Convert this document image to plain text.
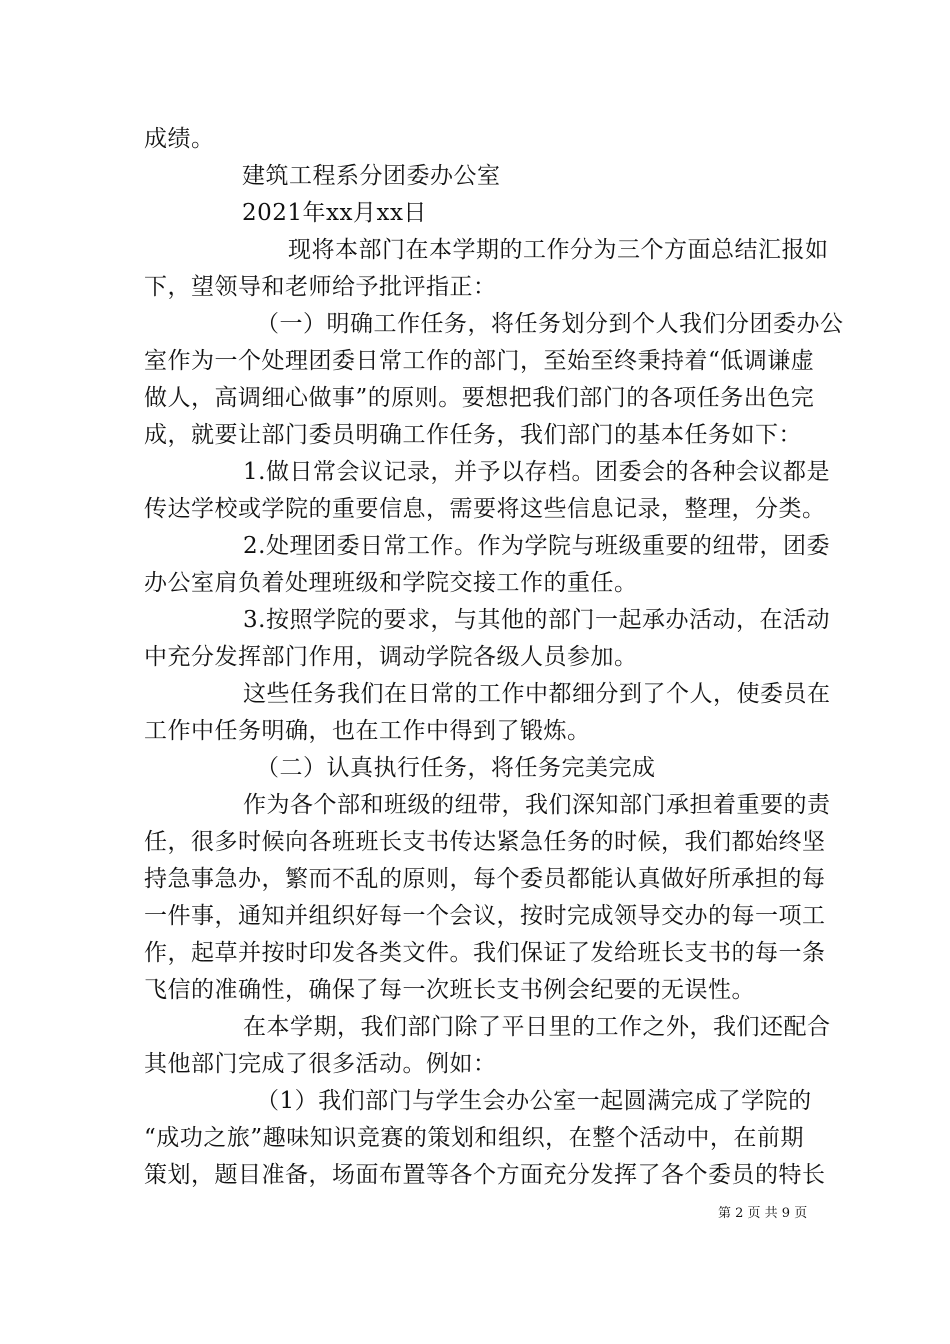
成绩。
建筑工程系分团委办公室
2021年xx月xx日
现将本部门在本学期的工作分为三个方面总结汇报如
下，望领导和老师给予批评指正：
（一）明确工作任务，将任务划分到个人我们分团委办公
室作为一个处理团委日常工作的部门，至始至终秉持着“低调谦虚
做人，高调细心做事”的原则。要想把我们部门的各项任务出色完
成，就要让部门委员明确工作任务，我们部门的基本任务如下：
1.做日常会议记录，并予以存档。团委会的各种会议都是
传达学校或学院的重要信息，需要将这些信息记录，整理，分类。
2.处理团委日常工作。作为学院与班级重要的纽带，团委
办公室肩负着处理班级和学院交接工作的重任。
3.按照学院的要求，与其他的部门一起承办活动，在活动
中充分发挥部门作用，调动学院各级人员参加。
这些任务我们在日常的工作中都细分到了个人，使委员在
工作中任务明确，也在工作中得到了锻炼。
（二）认真执行任务，将任务完美完成
作为各个部和班级的纽带，我们深知部门承担着重要的责
任，很多时候向各班班长支书传达紧急任务的时候，我们都始终坚
持急事急办，繁而不乱的原则，每个委员都能认真做好所承担的每
一件事，通知并组织好每一个会议，按时完成领导交办的每一项工
作，起草并按时印发各类文件。我们保证了发给班长支书的每一条
飞信的准确性，确保了每一次班长支书例会纪要的无误性。
在本学期，我们部门除了平日里的工作之外，我们还配合
其他部门完成了很多活动。例如：
（1）我们部门与学生会办公室一起圆满完成了学院的
“成功之旅”趣味知识竞赛的策划和组织，在整个活动中，在前期
策划，题目准备，场面布置等各个方面充分发挥了各个委员的特长
第 2 页 共 9 页
